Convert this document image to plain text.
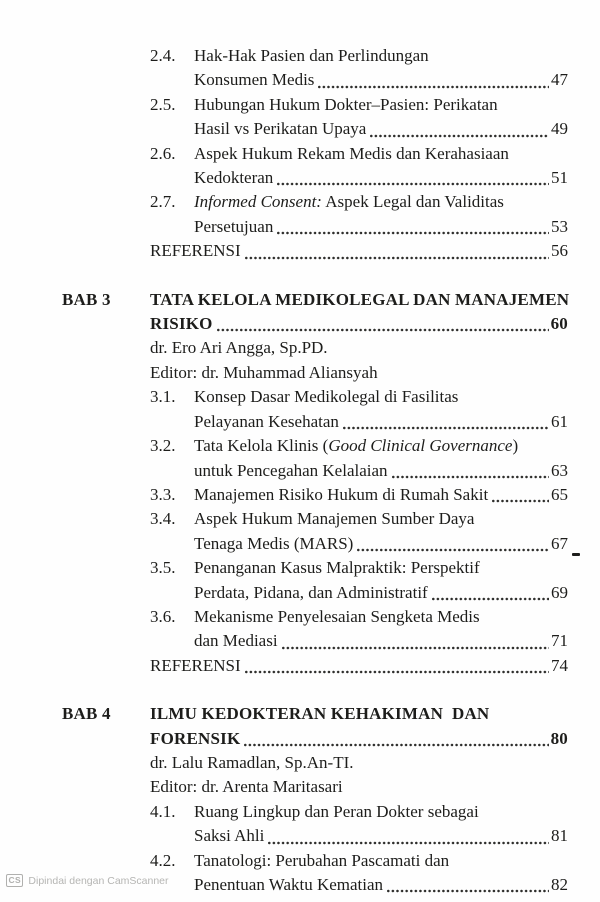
2.4.	Hak-Hak Pasien dan Perlindungan
Konsumen Medis	47
2.5.	Hubungan Hukum Dokter–Pasien: Perikatan
Hasil vs Perikatan Upaya	49
2.6.	Aspek Hukum Rekam Medis dan Kerahasiaan
Kedokteran	51
2.7.	Informed Consent: Aspek Legal dan Validitas
Persetujuan	53
REFERENSI	56
BAB 3	TATA KELOLA MEDIKOLEGAL DAN MANAJEMEN
RISIKO	60
dr. Ero Ari Angga, Sp.PD.
Editor: dr. Muhammad Aliansyah
3.1.	Konsep Dasar Medikolegal di Fasilitas
Pelayanan Kesehatan	61
3.2.	Tata Kelola Klinis ( Good Clinical Governance )
untuk Pencegahan Kelalaian	63
3.3.	Manajemen Risiko Hukum di Rumah Sakit	65
3.4.	Aspek Hukum Manajemen Sumber Daya
Tenaga Medis (MARS)	67
3.5.	Penanganan Kasus Malpraktik: Perspektif
Perdata, Pidana, dan Administratif	69
3.6.	Mekanisme Penyelesaian Sengketa Medis
dan Mediasi	71
REFERENSI	74
BAB 4	ILMU KEDOKTERAN KEHAKIMAN  DAN
FORENSIK	80
dr. Lalu Ramadlan, Sp.An-TI.
Editor: dr. Arenta Maritasari
4.1.	Ruang Lingkup dan Peran Dokter sebagai
Saksi Ahli	81
4.2.	Tanatologi: Perubahan Pascamati dan
Penentuan Waktu Kematian	82
CS Dipindai dengan CamScanner
